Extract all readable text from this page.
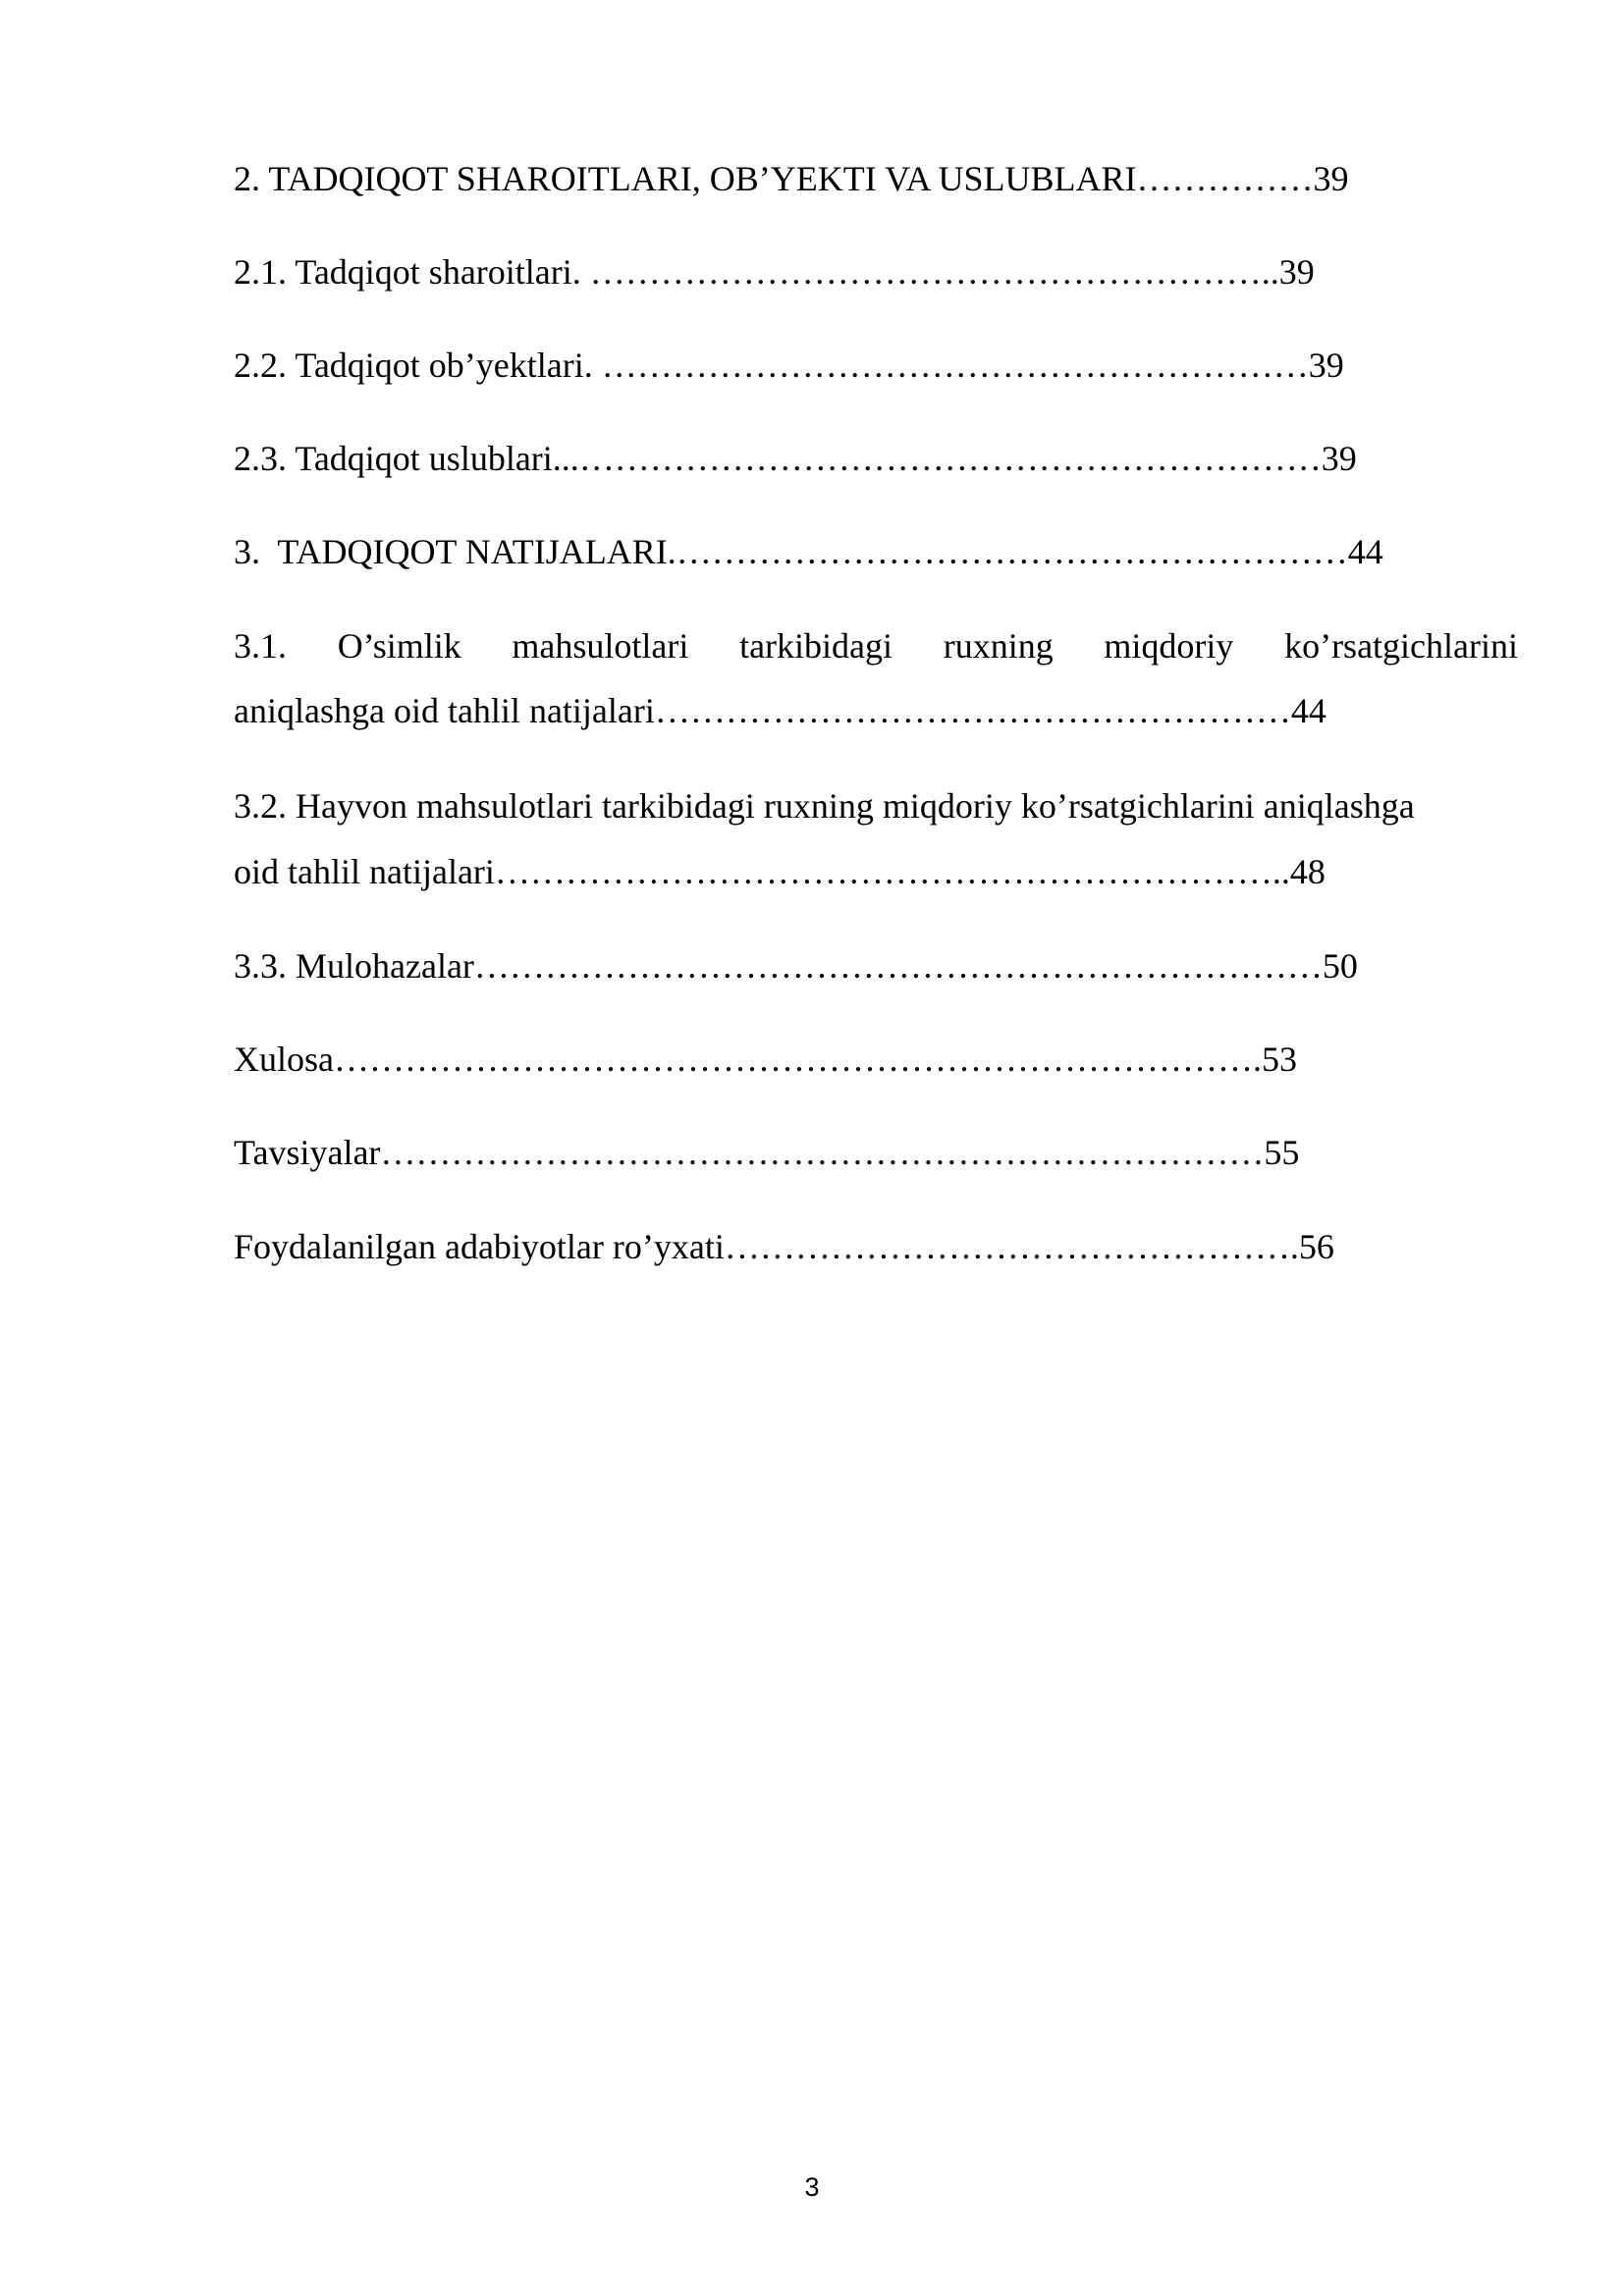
2. TADQIQOT SHAROITLARI, OB’YEKTI VA USLUBLARI……………39
2.1. Tadqiqot sharoitlari. …………………………………………………..39
2.2. Tadqiqot ob’yektlari. ……………………………………………………39
2.3. Tadqiqot uslublari...………………………………………………………39
3.  TADQIQOT NATIJALARI.…………………………………………………44
3.1. O’simlik mahsulotlari tarkibidagi ruxning miqdoriy ko’rsatgichlarini
aniqlashga oid tahlil natijalari………………………………………………44
3.2. Hayvon mahsulotlari tarkibidagi ruxning miqdoriy ko’rsatgichlarini aniqlashga
oid tahlil natijalari…………………………………………………………..48
3.3. Mulohazalar………………………………………………………………50
Xulosa…………………………………………………………………….53
Tavsiyalar…………………………………………………………………55
Foydalanilgan adabiyotlar ro’yxati………………………………………….56
3
